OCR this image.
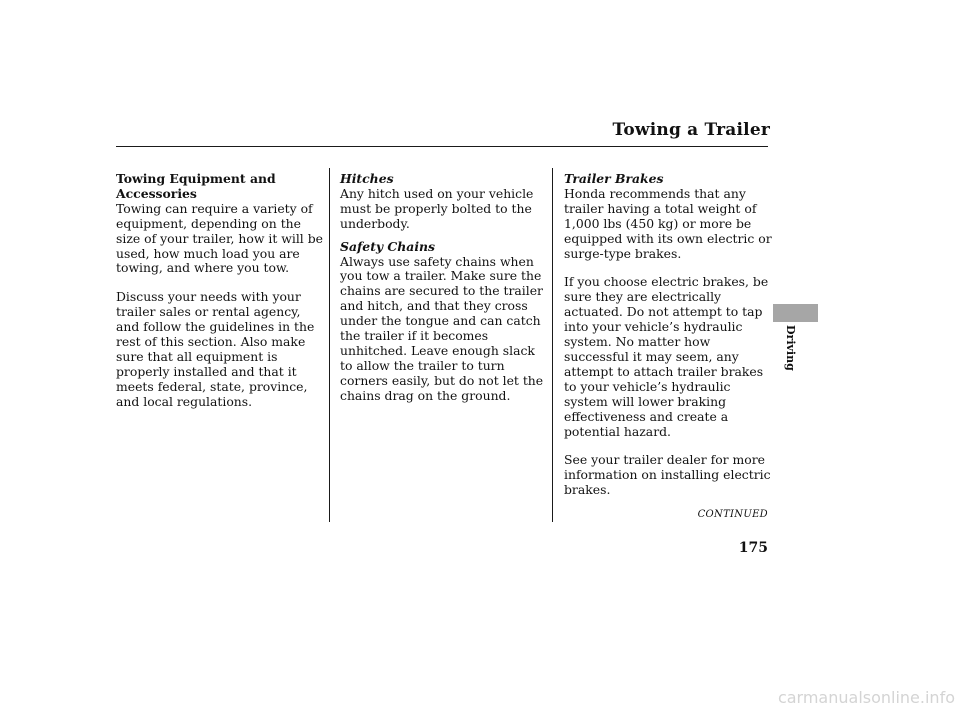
Towing a Trailer

Towing Equipment and Accessories

Towing can require a variety of equipment, depending on the size of your trailer, how it will be used, how much load you are towing, and where you tow.

Discuss your needs with your trailer sales or rental agency, and follow the guidelines in the rest of this section. Also make sure that all equipment is properly installed and that it meets federal, state, province, and local regulations.

Hitches

Any hitch used on your vehicle must be properly bolted to the underbody.

Safety Chains

Always use safety chains when you tow a trailer. Make sure the chains are secured to the trailer and hitch, and that they cross under the tongue and can catch the trailer if it becomes unhitched. Leave enough slack to allow the trailer to turn corners easily, but do not let the chains drag on the ground.

Trailer Brakes

Honda recommends that any trailer having a total weight of 1,000 lbs (450 kg) or more be equipped with its own electric or surge-type brakes.

If you choose electric brakes, be sure they are electrically actuated. Do not attempt to tap into your vehicle’s hydraulic system. No matter how successful it may seem, any attempt to attach trailer brakes to your vehicle’s hydraulic system will lower braking effectiveness and create a potential hazard.

See your trailer dealer for more information on installing electric brakes.

Driving
CONTINUED
175
carmanualsonline.info
